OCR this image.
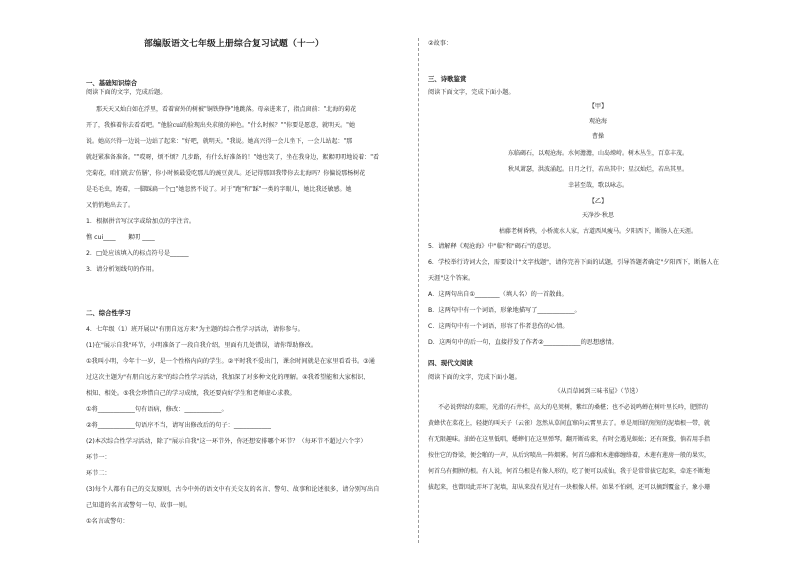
部编版语文七年级上册综合复习试题（十一）
一、基础知识综合
阅读下面的文字，完成后题。
那天天又灿白如在浮里，看着窗外的树被"铜铁铮铮"地跳落。母亲进来了，指点窗前："北海的菊花
开了，我推着你去看看吧。"他脸cui的脸现出央求般的神色。"什么时候？""你要是愿意，就明天。"她
说。她高兴得一边说一边站了起来："好吧，就明天。"我说。她高兴得一会儿坐下，一会儿站起："那
就赶紧准备准备。""哎呀，烦不烦？几步路，有什么好准备的！"她也笑了，坐在我身边，絮絮叨叨地说着："看
完菊花，咱们就去'仿膳'，你小时候最爱吃那儿的豌豆黄儿。还记得那回我带你去北海吗？你偏说那杨树花
是毛毛虫，跑着，一脚踩扁一个□"她忽然不说了。对于"跑"和"踩"一类的字眼儿，她比我还敏感。她
又悄悄地出去了。
1．根据拼音写汉字或给加点的字注音。
憔 cui____　　絮叨 ____
2．□处应该填入的标点符号是______
3．请分析划线句的作用。
二、综合性学习
4．七年级（1）班开展以"有朋自远方来"为主题的综合性学习活动，请你参与。
(1)在"展示自我"环节，小明准备了一段自我介绍，里面有几处错误，请你帮助修改。
①我叫小明，今年十一岁，是一个性格内向的学生。②平时我不爱出门，课余时间就是在家里看看书。③通
过这次主题为"有朋自远方来"的综合性学习活动，我加深了对多种文化的理解。④我希望能和大家相识、
相知、相处。⑤我会珍惜自己的学习成绩，我还要向好学生和老师虚心求教。
①将____________句有语病，修改：____________。
②将____________句语序不当，请写出修改后的句子：____________
(2)本次综合性学习活动，除了"展示自我"这一环节外，你还想安排哪个环节？（每环节不超过六个字）
环节一：
环节二：
(3)每个人都有自己的交友原则，古今中外的语文中有关交友的名言、警句、故事和论述很多，请分别写出自
己知道的名言或警句一句、故事一则。
①名言或警句：
②故事：
三、诗歌鉴赏
阅读下面文字，完成下面小题。
【甲】
观沧海
曹操
东临碣石，以观沧海。水何澹澹，山岛竦峙。树木丛生，百草丰茂。
秋风萧瑟，洪波涌起。日月之行，若出其中；星汉灿烂，若出其里。
幸甚至哉，歌以咏志。
【乙】
天净沙·秋思
枯藤老树昏鸦，小桥流水人家，古道西风瘦马。夕阳西下，断肠人在天涯。
5．请解释《观沧海》中"临"和"碣石"的意思。
6．学校举行诗词大会，需要设计"文字找题"，请你完善下面的试题，引导答题者确定"夕阳西下，断肠人在
天涯"这个答案。
A．这两句出自①________（填人名）的一首散曲。
B．这两句中有一个词语，形象地描写了____________。
C．这两句中有一个词语，形容了作者悲伤的心情。
D．这两句中的后一句，直接抒发了作者②____________的思想感情。
四、现代文阅读
阅读下面的文字，完成下面小题。
《从百草园到三味书屋》（节选）
不必说碧绿的菜畦，光滑的石井栏，高大的皂荚树，紫红的桑椹；也不必说鸣蝉在树叶里长吟，肥胖的
黄蜂伏在菜花上，轻捷的叫天子（云雀）忽然从草间直窜向云霄里去了。单是周围的短短的泥墙根一带，就
有无限趣味。油蛉在这里低唱，蟋蟀们在这里弹琴。翻开断砖来，有时会遇见蜈蚣；还有斑蝥，倘若用手指
按住它的脊梁，便会啪的一声，从后窍喷出一阵烟雾。何首乌藤和木莲藤缠络着，木莲有莲房一般的果实，
何首乌有拥肿的根。有人说，何首乌根是有像人形的，吃了便可以成仙，我于是常常拔它起来，牵连不断地
拔起来，也曾因此弄坏了泥墙，却从来没有见过有一块根像人样。如果不怕刺，还可以摘到覆盆子，象小珊
